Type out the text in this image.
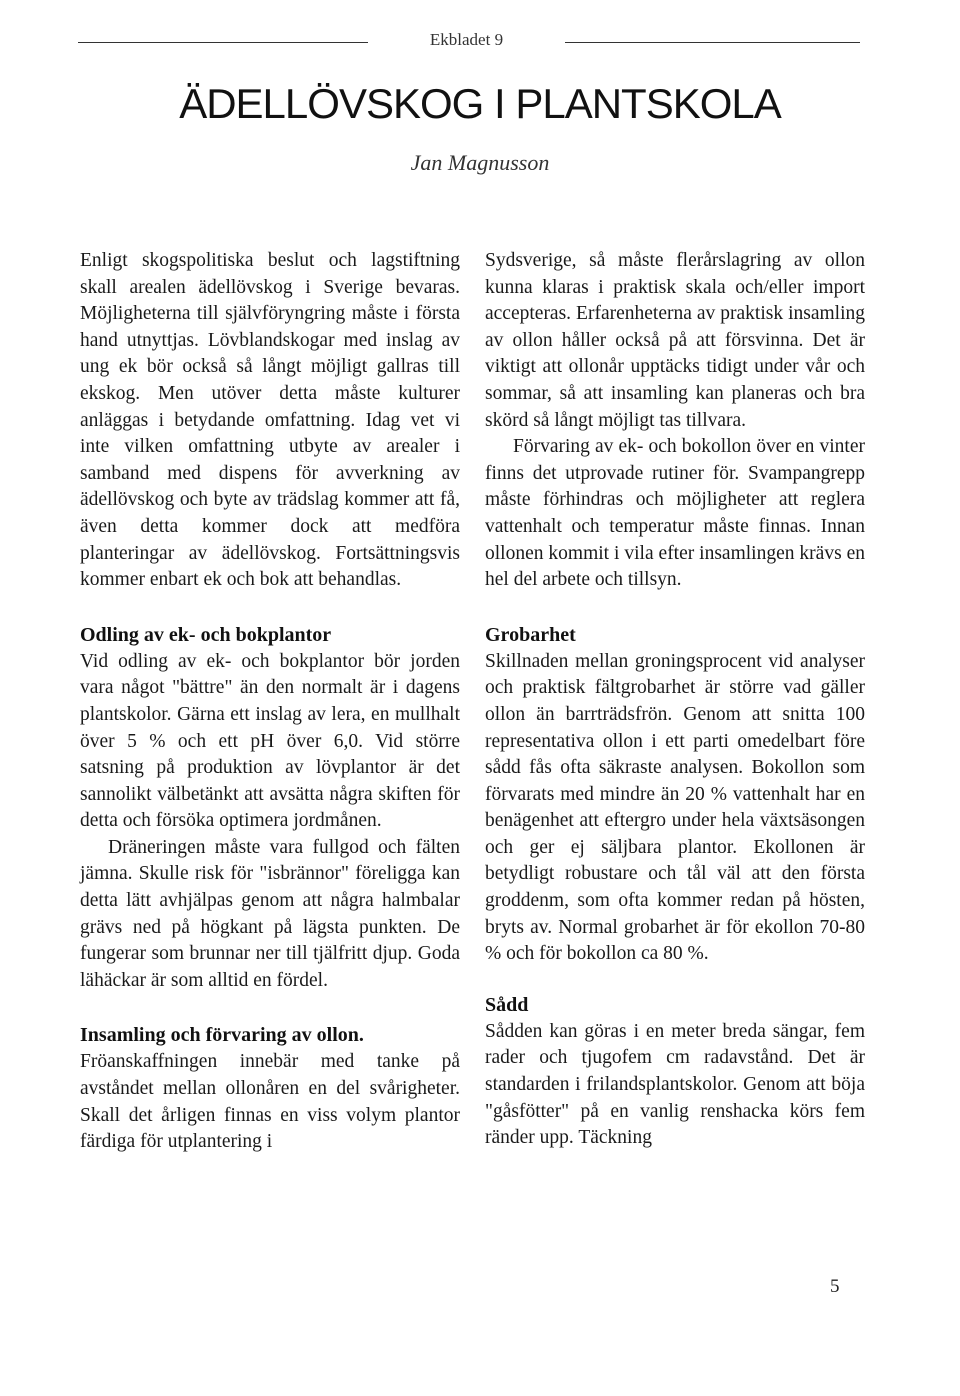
Ekbladet 9
ÄDELLÖVSKOG I PLANTSKOLA
Jan Magnusson

Enligt skogspolitiska beslut och lagstiftning skall arealen ädellövskog i Sverige bevaras. Möjligheterna till självföryngring måste i första hand utnyttjas. Lövblandskogar med inslag av ung ek bör också så långt möjligt gallras till ekskog. Men utöver detta måste kulturer anläggas i betydande omfattning. Idag vet vi inte vilken omfattning utbyte av arealer i samband med dispens för avverkning av ädellövskog och byte av trädslag kommer att få, även detta kommer dock att medföra planteringar av ädellövskog. Fortsättningsvis kommer enbart ek och bok att behandlas.

Odling av ek- och bokplantor

Vid odling av ek- och bokplantor bör jorden vara något "bättre" än den normalt är i dagens plantskolor. Gärna ett inslag av lera, en mullhalt över 5 % och ett pH över 6,0. Vid större satsning på produktion av lövplantor är det sannolikt välbetänkt att avsätta några skiften för detta och försöka optimera jordmånen.

Dräneringen måste vara fullgod och fälten jämna. Skulle risk för "isbrännor" föreligga kan detta lätt avhjälpas genom att några halmbalar grävs ned på högkant på lägsta punkten. De fungerar som brunnar ner till tjälfritt djup. Goda lähäckar är som alltid en fördel.

Insamling och förvaring av ollon.

Fröanskaffningen innebär med tanke på avståndet mellan ollonåren en del svårigheter. Skall det årligen finnas en viss volym plantor färdiga för utplantering i

Sydsverige, så måste flerårslagring av ollon kunna klaras i praktisk skala och/eller import accepteras. Erfarenheterna av praktisk insamling av ollon håller också på att försvinna. Det är viktigt att ollonår upptäcks tidigt under vår och sommar, så att insamling kan planeras och bra skörd så långt möjligt tas tillvara.

Förvaring av ek- och bokollon över en vinter finns det utprovade rutiner för. Svampangrepp måste förhindras och möjligheter att reglera vattenhalt och temperatur måste finnas. Innan ollonen kommit i vila efter insamlingen krävs en hel del arbete och tillsyn.

Grobarhet

Skillnaden mellan groningsprocent vid analyser och praktisk fältgrobarhet är större vad gäller ollon än barrträdsfrön. Genom att snitta 100 representativa ollon i ett parti omedelbart före sådd fås ofta säkraste analysen. Bokollon som förvarats med mindre än 20 % vattenhalt har en benägenhet att eftergro under hela växtsäsongen och ger ej säljbara plantor. Ekollonen är betydligt robustare och tål väl att den första groddenm, som ofta kommer redan på hösten, bryts av. Normal grobarhet är för ekollon 70-80 % och för bokollon ca 80 %.

Sådd

Sådden kan göras i en meter breda sängar, fem rader och tjugofem cm radavstånd. Det är standarden i frilandsplantskolor. Genom att böja "gåsfötter" på en vanlig renshacka körs fem ränder upp. Täckning

5
